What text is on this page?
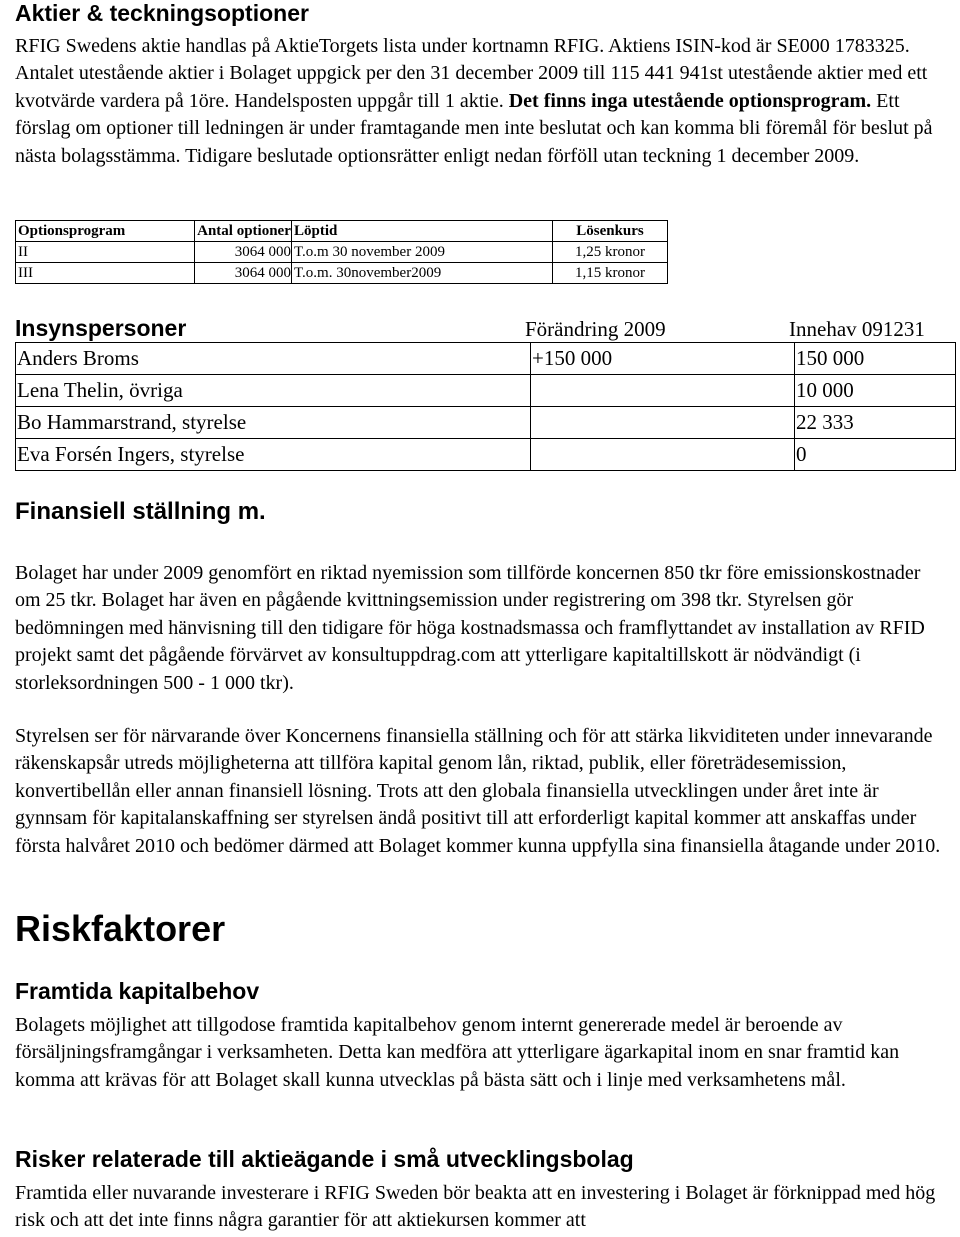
Aktier & teckningsoptioner

RFIG Swedens aktie handlas på AktieTorgets lista under kortnamn RFIG. Aktiens ISIN-kod är SE000 1783325. Antalet utestående aktier i Bolaget uppgick per den 31 december 2009 till 115 441 941st utestående aktier med ett kvotvärde vardera på 1öre. Handelsposten uppgår till 1 aktie. Det finns inga utestående optionsprogram. Ett förslag om optioner till ledningen är under framtagande men inte beslutat och kan komma bli föremål för beslut på nästa bolagsstämma. Tidigare beslutade optionsrätter enligt nedan förföll utan teckning 1 december 2009.

Optionsprogram	Antal optioner	Löptid	Lösenkurs
II	3064 000	T.o.m 30 november 2009	1,25 kronor
III	3064 000	T.o.m. 30november2009	1,15 kronor
Insynspersoner	Förändring 2009	Innehav 091231
Anders Broms	+150 000	150 000
Lena Thelin, övriga		10 000
Bo Hammarstrand, styrelse		22 333
Eva Forsén Ingers, styrelse		0
Finansiell ställning m.

Bolaget har under 2009 genomfört en riktad nyemission som tillförde koncernen 850 tkr före emissionskostnader om 25 tkr. Bolaget har även en pågående kvittningsemission under registrering om 398 tkr. Styrelsen gör bedömningen med hänvisning till den tidigare för höga kostnadsmassa och framflyttandet av installation av RFID projekt samt det pågående förvärvet av konsultuppdrag.com att ytterligare kapitaltillskott är nödvändigt (i storleksordningen 500 - 1 000 tkr).

Styrelsen ser för närvarande över Koncernens finansiella ställning och för att stärka likviditeten under innevarande räkenskapsår utreds möjligheterna att tillföra kapital genom lån, riktad, publik, eller företrädesemission, konvertibellån eller annan finansiell lösning. Trots att den globala finansiella utvecklingen under året inte är gynnsam för kapitalanskaffning ser styrelsen ändå positivt till att erforderligt kapital kommer att anskaffas under första halvåret 2010 och bedömer därmed att Bolaget kommer kunna uppfylla sina finansiella åtagande under 2010.

Riskfaktorer
Framtida kapitalbehov

Bolagets möjlighet att tillgodose framtida kapitalbehov genom internt genererade medel är beroende av försäljningsframgångar i verksamheten. Detta kan medföra att ytterligare ägarkapital inom en snar framtid kan komma att krävas för att Bolaget skall kunna utvecklas på bästa sätt och i linje med verksamhetens mål.

Risker relaterade till aktieägande i små utvecklingsbolag

Framtida eller nuvarande investerare i RFIG Sweden bör beakta att en investering i Bolaget är förknippad med hög risk och att det inte finns några garantier för att aktiekursen kommer att
